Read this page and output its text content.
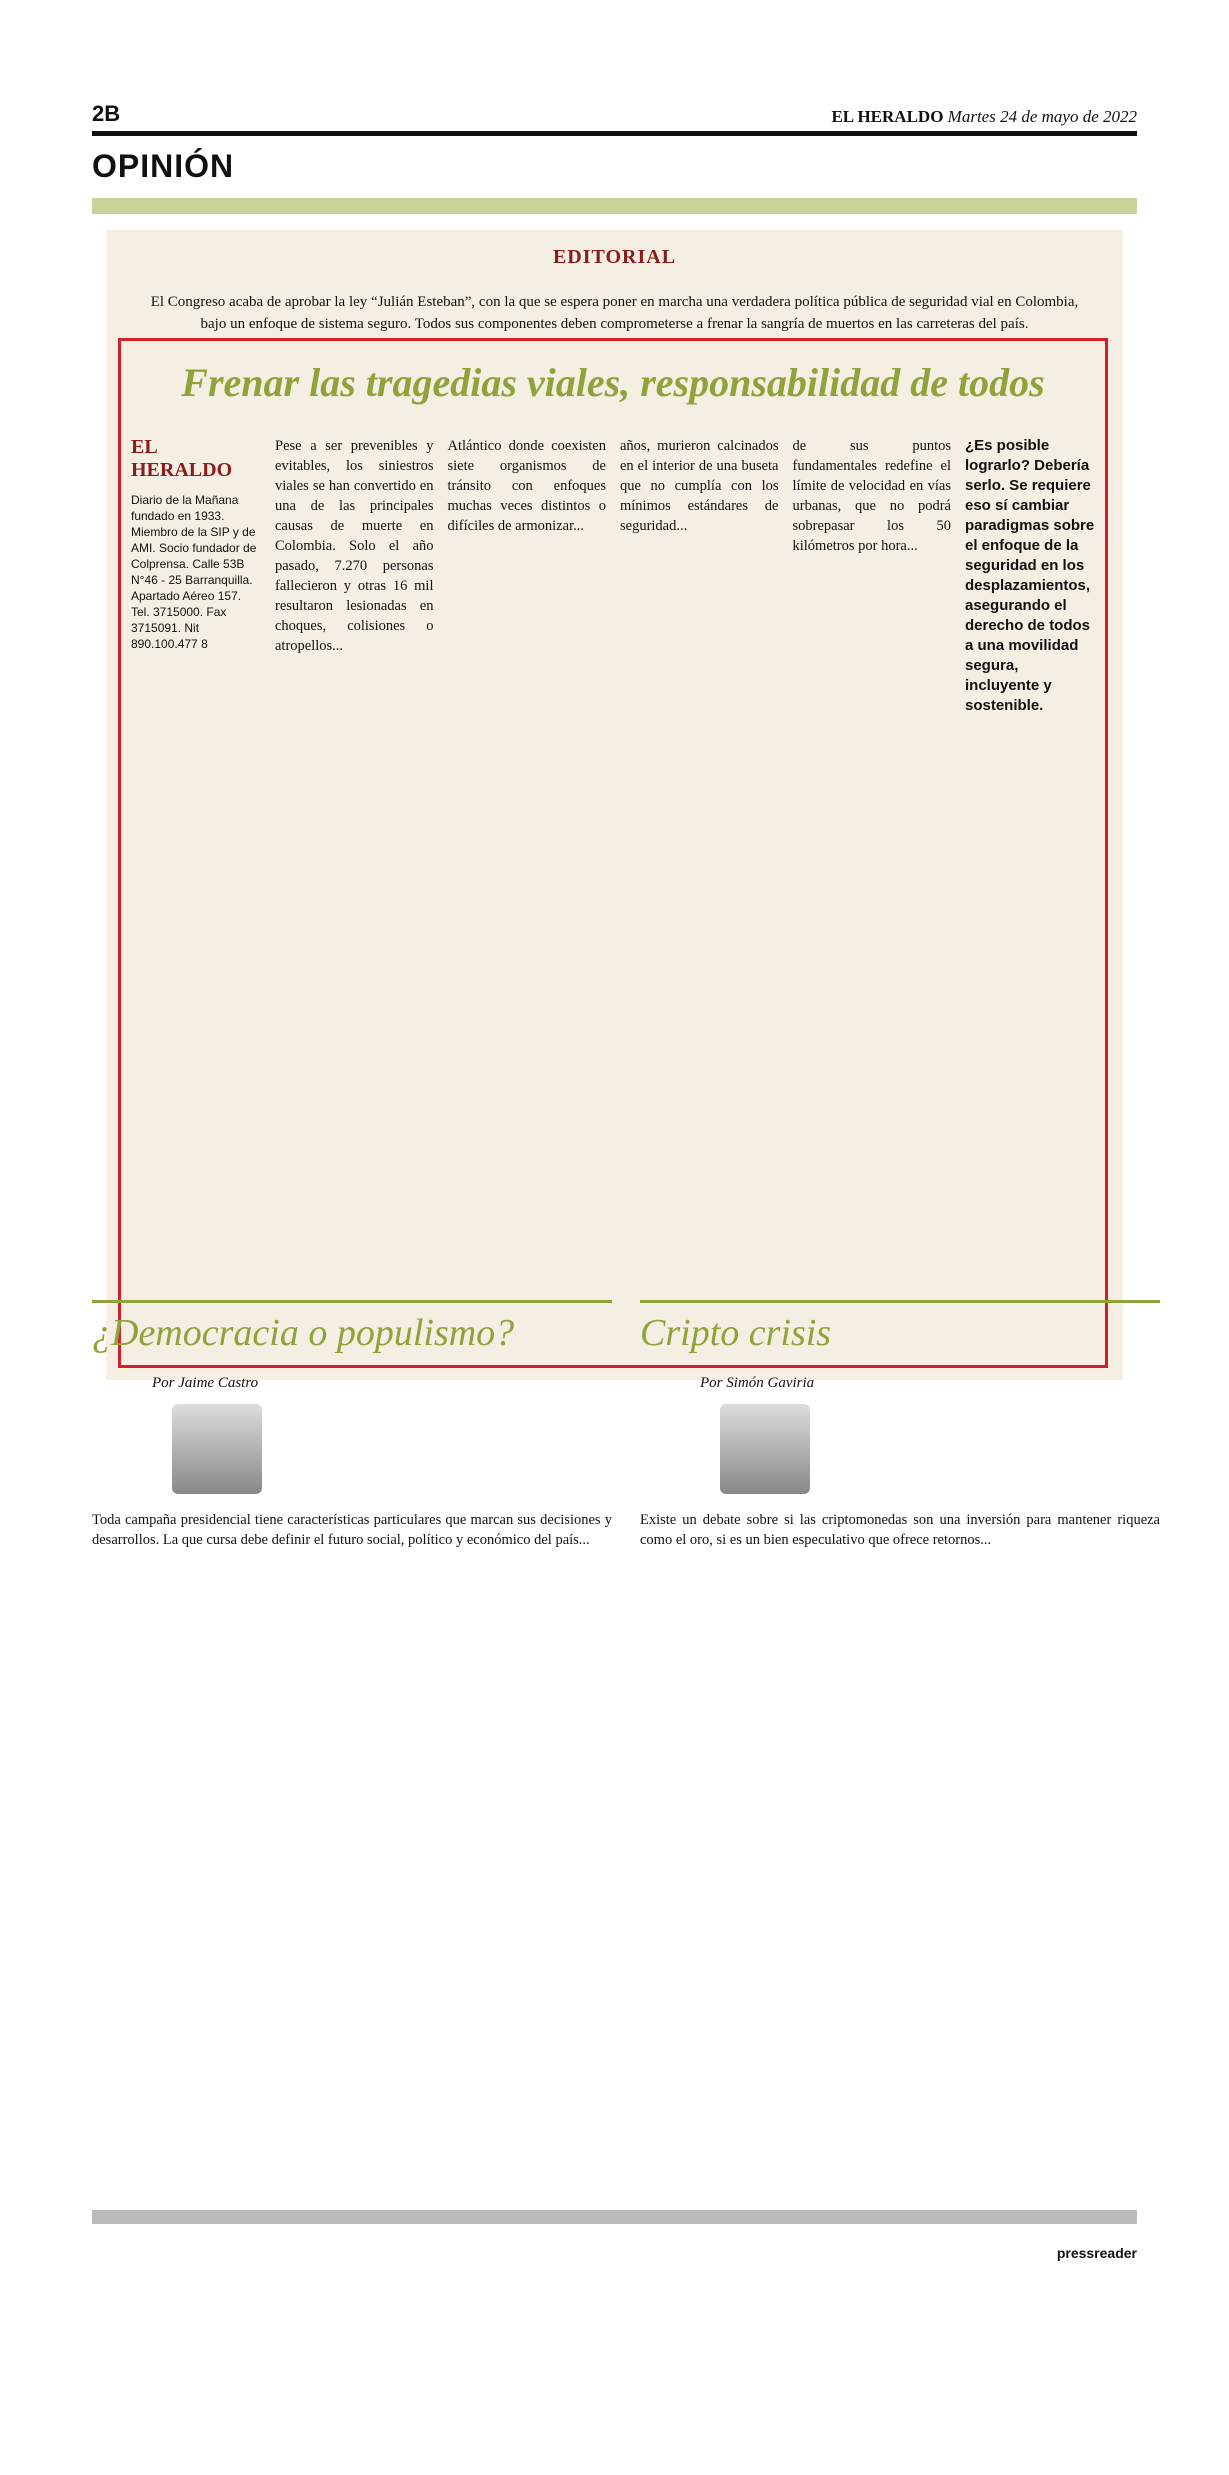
2B	EL HERALDO Martes 24 de mayo de 2022
OPINIÓN
EDITORIAL
El Congreso acaba de aprobar la ley “Julián Esteban”, con la que se espera poner en marcha una verdadera política pública de seguridad vial en Colombia, bajo un enfoque de sistema seguro. Todos sus componentes deben comprometerse a frenar la sangría de muertos en las carreteras del país.
Frenar las tragedias viales, responsabilidad de todos
EL HERALDO
Diario de la Mañana fundado en 1933. Miembro de la SIP y de AMI. Socio fundador de Colprensa. Calle 53B N°46 - 25 Barranquilla. Apartado Aéreo 157. Tel. 3715000. Fax 3715091. Nit 890.100.477 8
Pese a ser prevenibles y evitables, los siniestros viales se han convertido en una de las principales causas de muerte en Colombia. Solo el año pasado, 7.270 personas fallecieron y otras 16 mil resultaron lesionadas en choques, colisiones o atropellos...
Atlántico donde coexisten siete organismos de tránsito con enfoques muchas veces distintos o difíciles de armonizar...
años, murieron calcinados en el interior de una buseta que no cumplía con los mínimos estándares de seguridad...
de sus puntos fundamentales redefine el límite de velocidad en vías urbanas, que no podrá sobrepasar los 50 kilómetros por hora...
¿Es posible lograrlo? Debería serlo. Se requiere eso sí cambiar paradigmas sobre el enfoque de la seguridad en los desplazamientos, asegurando el derecho de todos a una movilidad segura, incluyente y sostenible.
¿Democracia o populismo?
Por Jaime Castro

Toda campaña presidencial tiene características particulares que marcan sus decisiones y desarrollos. La que cursa debe definir el futuro social, político y económico del país...

Cripto crisis
Por Simón Gaviria

Existe un debate sobre si las criptomonedas son una inversión para mantener riqueza como el oro, si es un bien especulativo que ofrece retornos...

pressreader
